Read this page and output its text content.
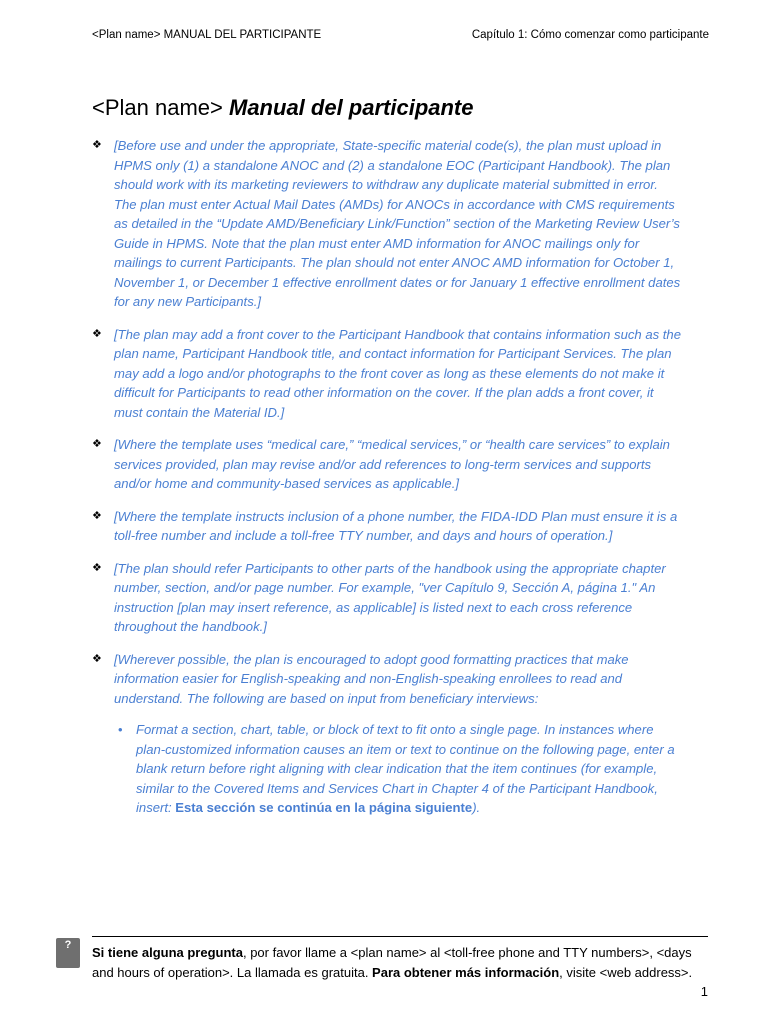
<Plan name> MANUAL DEL PARTICIPANTE	Capítulo 1: Cómo comenzar como participante
<Plan name> Manual del participante
❖ [Before use and under the appropriate, State-specific material code(s), the plan must upload in HPMS only (1) a standalone ANOC and (2) a standalone EOC (Participant Handbook). The plan should work with its marketing reviewers to withdraw any duplicate material submitted in error. The plan must enter Actual Mail Dates (AMDs) for ANOCs in accordance with CMS requirements as detailed in the “Update AMD/Beneficiary Link/Function” section of the Marketing Review User’s Guide in HPMS. Note that the plan must enter AMD information for ANOC mailings only for mailings to current Participants. The plan should not enter ANOC AMD information for October 1, November 1, or December 1 effective enrollment dates or for January 1 effective enrollment dates for any new Participants.]

❖ [The plan may add a front cover to the Participant Handbook that contains information such as the plan name, Participant Handbook title, and contact information for Participant Services. The plan may add a logo and/or photographs to the front cover as long as these elements do not make it difficult for Participants to read other information on the cover. If the plan adds a front cover, it must contain the Material ID.]

❖ [Where the template uses “medical care,” “medical services,” or “health care services” to explain services provided, plan may revise and/or add references to long-term services and supports and/or home and community-based services as applicable.]

❖ [Where the template instructs inclusion of a phone number, the FIDA-IDD Plan must ensure it is a toll-free number and include a toll-free TTY number, and days and hours of operation.]

❖ [The plan should refer Participants to other parts of the handbook using the appropriate chapter number, section, and/or page number. For example, "ver Capítulo 9, Sección A, página 1." An instruction [plan may insert reference, as applicable] is listed next to each cross reference throughout the handbook.]

❖ [Wherever possible, the plan is encouraged to adopt good formatting practices that make information easier for English-speaking and non-English-speaking enrollees to read and understand. The following are based on input from beneficiary interviews:

• Format a section, chart, table, or block of text to fit onto a single page. In instances where plan-customized information causes an item or text to continue on the following page, enter a blank return before right aligning with clear indication that the item continues (for example, similar to the Covered Items and Services Chart in Chapter 4 of the Participant Handbook, insert: Esta sección se continúa en la página siguiente).

?	Si tiene alguna pregunta, por favor llame a <plan name> al <toll-free phone and TTY numbers>, <days and hours of operation>. La llamada es gratuita. Para obtener más información, visite <web address>.
1
